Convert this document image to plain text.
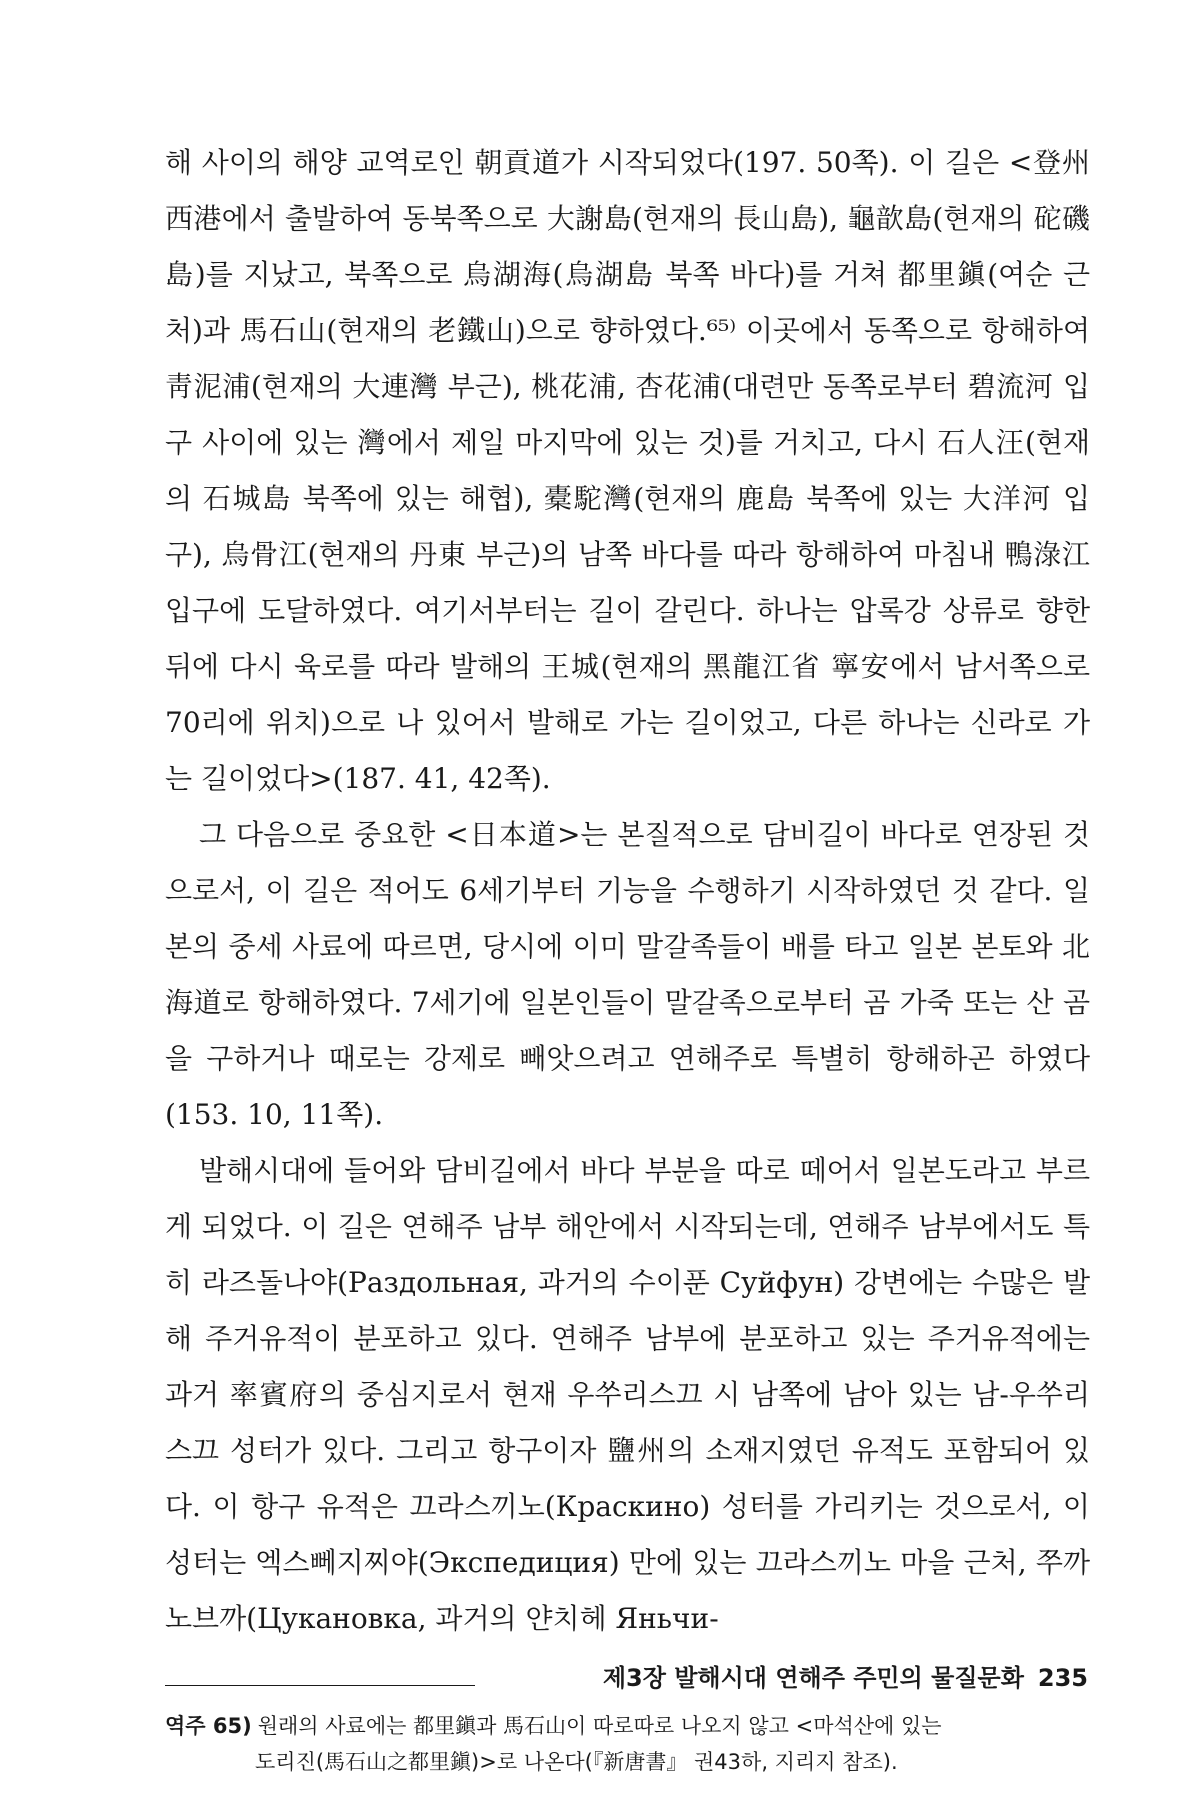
해 사이의 해양 교역로인 朝貢道가 시작되었다(197. 50쪽). 이 길은 <登州 西港에서 출발하여 동북쪽으로 大謝島(현재의 長山島), 龜歆島(현재의 砣磯島)를 지났고, 북쪽으로 烏湖海(烏湖島 북쪽 바다)를 거쳐 都里鎭(여순 근처)과 馬石山(현재의 老鐵山)으로 향하였다.⁶⁵⁾ 이곳에서 동쪽으로 항해하여 靑泥浦(현재의 大連灣 부근), 桃花浦, 杏花浦(대련만 동쪽로부터 碧流河 입구 사이에 있는 灣에서 제일 마지막에 있는 것)를 거치고, 다시 石人汪(현재의 石城島 북쪽에 있는 해협), 橐駝灣(현재의 鹿島 북쪽에 있는 大洋河 입구), 烏骨江(현재의 丹東 부근)의 남쪽 바다를 따라 항해하여 마침내 鴨淥江 입구에 도달하였다. 여기서부터는 길이 갈린다. 하나는 압록강 상류로 향한 뒤에 다시 육로를 따라 발해의 王城(현재의 黑龍江省 寧安에서 남서쪽으로 70리에 위치)으로 나 있어서 발해로 가는 길이었고, 다른 하나는 신라로 가는 길이었다>(187. 41, 42쪽).

그 다음으로 중요한 <日本道>는 본질적으로 담비길이 바다로 연장된 것으로서, 이 길은 적어도 6세기부터 기능을 수행하기 시작하였던 것 같다. 일본의 중세 사료에 따르면, 당시에 이미 말갈족들이 배를 타고 일본 본토와 北海道로 항해하였다. 7세기에 일본인들이 말갈족으로부터 곰 가죽 또는 산 곰을 구하거나 때로는 강제로 빼앗으려고 연해주로 특별히 항해하곤 하였다(153. 10, 11쪽).

발해시대에 들어와 담비길에서 바다 부분을 따로 떼어서 일본도라고 부르게 되었다. 이 길은 연해주 남부 해안에서 시작되는데, 연해주 남부에서도 특히 라즈돌나야(Раздольная, 과거의 수이푼 Суйфун) 강변에는 수많은 발해 주거유적이 분포하고 있다. 연해주 남부에 분포하고 있는 주거유적에는 과거 率賓府의 중심지로서 현재 우쑤리스끄 시 남쪽에 남아 있는 남-우쑤리스끄 성터가 있다. 그리고 항구이자 鹽州의 소재지였던 유적도 포함되어 있다. 이 항구 유적은 끄라스끼노(Краскино) 성터를 가리키는 것으로서, 이 성터는 엑스뻬지찌야(Экспедиция) 만에 있는 끄라스끼노 마을 근처, 쭈까노브까(Цукановка, 과거의 얀치헤 Яньчи-

역주 65) 원래의 사료에는 都里鎭과 馬石山이 따로따로 나오지 않고 <마석산에 있는

도리진(馬石山之都里鎭)>로 나온다(『新唐書』 권43하, 지리지 참조).

제3장 발해시대 연해주 주민의 물질문화 235
